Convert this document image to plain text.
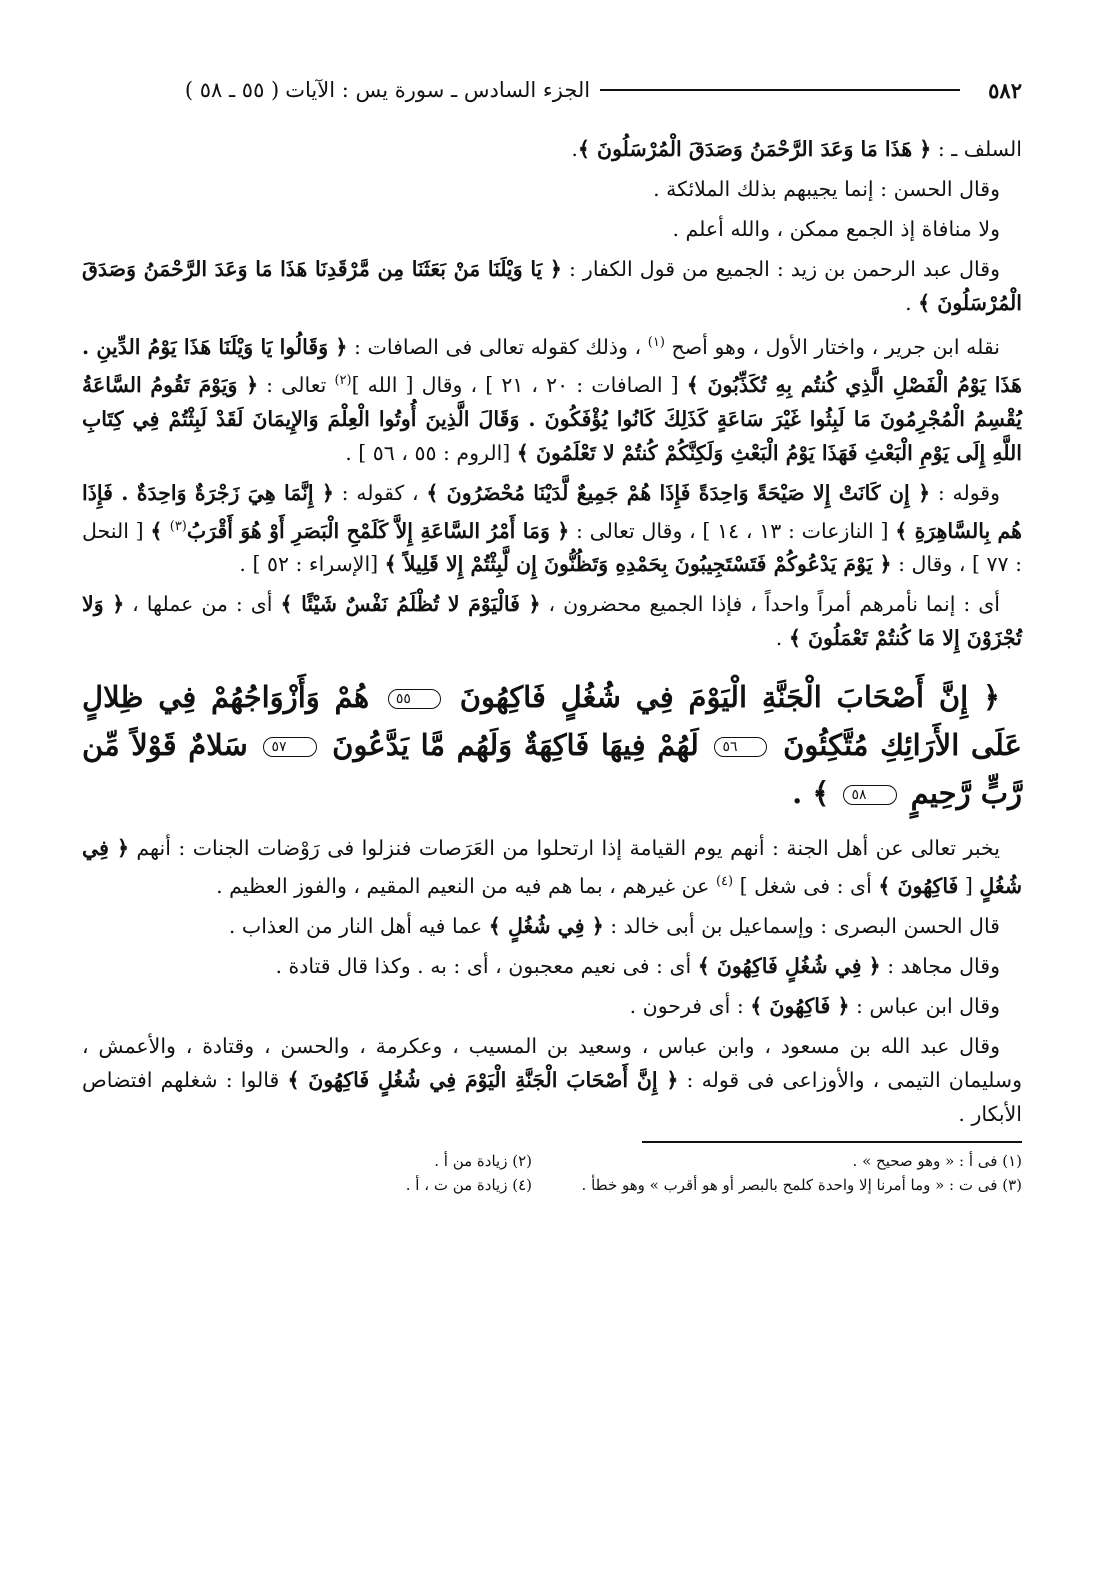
٥٨٢
الجزء السادس ـ سورة يس : الآيات
( ٥٥ ـ ٥٨ )
السلف ـ : ﴿ هَذَا مَا وَعَدَ الرَّحْمَنُ وَصَدَقَ الْمُرْسَلُونَ ﴾.
وقال الحسن : إنما يجيبهم بذلك الملائكة .
ولا منافاة إذ الجمع ممكن ، والله أعلم .
وقال عبد الرحمن بن زيد : الجميع من قول الكفار : ﴿ يَا وَيْلَنَا مَنْ بَعَثَنَا مِن مَّرْقَدِنَا هَذَا مَا وَعَدَ الرَّحْمَنُ وَصَدَقَ الْمُرْسَلُونَ ﴾ .
نقله ابن جرير ، واختار الأول ، وهو أصح $^{(١)}$ ، وذلك كقوله تعالى فى الصافات : ﴿ وَقَالُوا يَا وَيْلَنَا هَذَا يَوْمُ الدِّينِ . هَذَا يَوْمُ الْفَصْلِ الَّذِي كُنتُم بِهِ تُكَذِّبُونَ ﴾ [ الصافات : ٢٠ ، ٢١ ] ، وقال [ الله ]$^{(٢)}$ تعالى : ﴿ وَيَوْمَ تَقُومُ السَّاعَةُ يُقْسِمُ الْمُجْرِمُونَ مَا لَبِثُوا غَيْرَ سَاعَةٍ كَذَلِكَ كَانُوا يُؤْفَكُونَ . وَقَالَ الَّذِينَ أُوتُوا الْعِلْمَ وَالإِيمَانَ لَقَدْ لَبِثْتُمْ فِي كِتَابِ اللَّهِ إِلَى يَوْمِ الْبَعْثِ فَهَذَا يَوْمُ الْبَعْثِ وَلَكِنَّكُمْ كُنتُمْ لا تَعْلَمُونَ ﴾ [الروم : ٥٥ ، ٥٦ ] .
وقوله : ﴿ إِن كَانَتْ إِلا صَيْحَةً وَاحِدَةً فَإِذَا هُمْ جَمِيعٌ لَّدَيْنَا مُحْضَرُونَ ﴾ ، كقوله : ﴿ إِنَّمَا هِيَ زَجْرَةٌ وَاحِدَةٌ . فَإِذَا هُم بِالسَّاهِرَةِ ﴾ [ النازعات : ١٣ ، ١٤ ] ، وقال تعالى : ﴿ وَمَا أَمْرُ السَّاعَةِ إِلاَّ كَلَمْحِ الْبَصَرِ أَوْ هُوَ أَقْرَبُ$^{(٣)}$ ﴾ [ النحل : ٧٧ ] ، وقال : ﴿ يَوْمَ يَدْعُوكُمْ فَتَسْتَجِيبُونَ بِحَمْدِهِ وَتَظُنُّونَ إِن لَّبِثْتُمْ إِلا قَلِيلاً ﴾ [الإسراء : ٥٢ ] .
أى : إنما نأمرهم أمراً واحداً ، فإذا الجميع محضرون ، ﴿ فَالْيَوْمَ لا تُظْلَمُ نَفْسٌ شَيْئًا ﴾ أى : من عملها ، ﴿ وَلا تُجْزَوْنَ إِلا مَا كُنتُمْ تَعْمَلُونَ ﴾ .
﴿ إِنَّ أَصْحَابَ الْجَنَّةِ الْيَوْمَ فِي شُغُلٍ فَاكِهُونَ ٥٥ هُمْ وَأَزْوَاجُهُمْ فِي ظِلالٍ عَلَى الأَرَائِكِ مُتَّكِئُونَ ٥٦ لَهُمْ فِيهَا فَاكِهَةٌ وَلَهُم مَّا يَدَّعُونَ ٥٧ سَلامٌ قَوْلاً مِّن رَّبٍّ رَّحِيمٍ ٥٨ ﴾ .
يخبر تعالى عن أهل الجنة : أنهم يوم القيامة إذا ارتحلوا من العَرَصات فنزلوا فى رَوْضات الجنات : أنهم ﴿ فِي شُغُلٍ [ فَاكِهُونَ ﴾ أى : فى شغل ] $^{(٤)}$ عن غيرهم ، بما هم فيه من النعيم المقيم ، والفوز العظيم .
قال الحسن البصرى : وإسماعيل بن أبى خالد : ﴿ فِي شُغُلٍ ﴾ عما فيه أهل النار من العذاب .
وقال مجاهد : ﴿ فِي شُغُلٍ فَاكِهُونَ ﴾ أى : فى نعيم معجبون ، أى : به . وكذا قال قتادة .
وقال ابن عباس : ﴿ فَاكِهُونَ ﴾ : أى فرحون .
وقال عبد الله بن مسعود ، وابن عباس ، وسعيد بن المسيب ، وعكرمة ، والحسن ، وقتادة ، والأعمش ، وسليمان التيمى ، والأوزاعى فى قوله : ﴿ إِنَّ أَصْحَابَ الْجَنَّةِ الْيَوْمَ فِي شُغُلٍ فَاكِهُونَ ﴾ قالوا : شغلهم افتضاص الأبكار .
(١) فى أ : « وهو صحيح » .
(٢) زيادة من أ .
(٣) فى ت : « وما أمرنا إلا واحدة كلمح بالبصر أو هو أقرب » وهو خطأ .
(٤) زيادة من ت ، أ .
